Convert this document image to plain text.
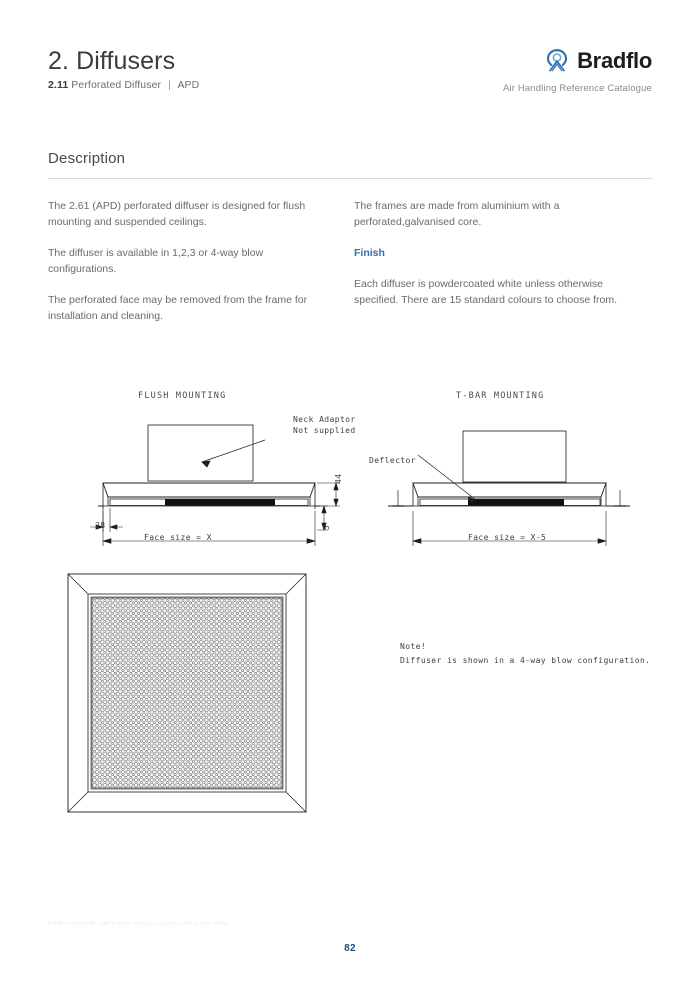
2. Diffusers
2.11 Perforated Diffuser | APD
Bradflo
Air Handling Reference Catalogue
Description

The 2.61 (APD) perforated diffuser is designed for flush mounting and suspended ceilings.

The diffuser is available in 1,2,3 or 4-way blow configurations.

The perforated face may be removed from the frame for installation and cleaning.

The frames are made from aluminium with a perforated,galvanised core.

Finish

Each diffuser is powdercoated white unless otherwise specified. There are 15 standard colours to choose from.

FLUSH MOUNTING
Neck Adaptor
Not supplied
Face size = X
28
44
5
T-BAR MOUNTING
Deflector
Face size = X-5
Note!
Diffuser is shown in a 4-way blow configuration.
Bradflo reserves the right to make changes to product without prior notice
82
